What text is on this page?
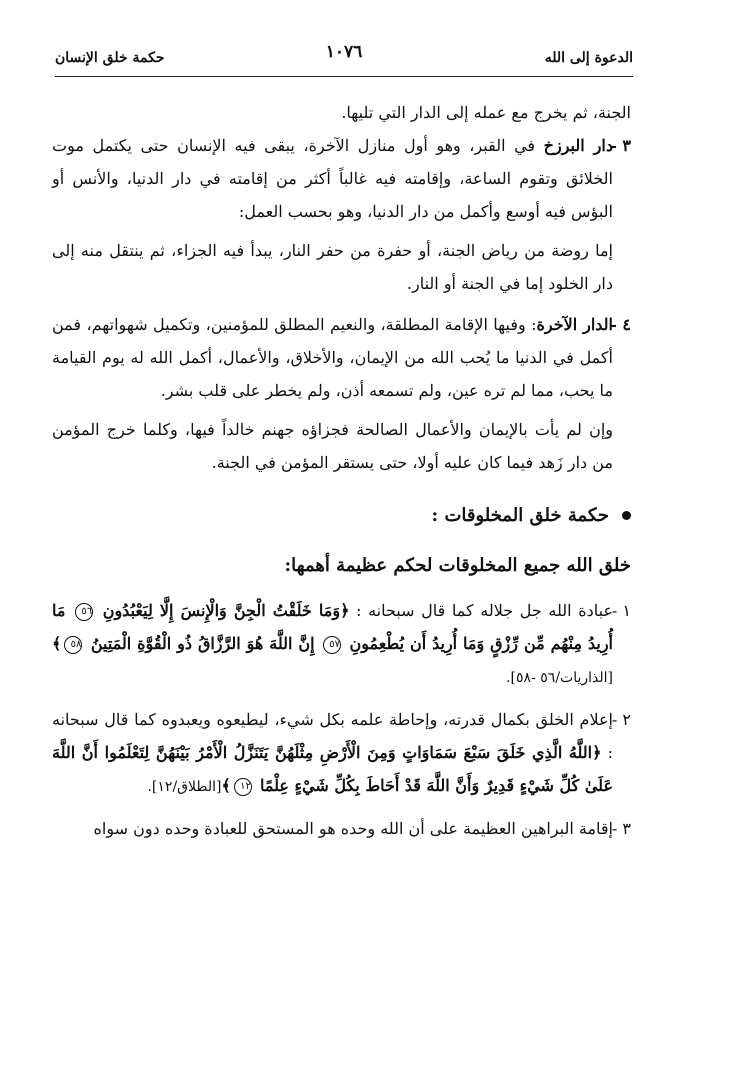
الدعوة إلى الله
١٠٧٦
حكمة خلق الإنسان

الجنة، ثم يخرج مع عمله إلى الدار التي تليها.

٣ -

دار البرزخ في القبر، وهو أول منازل الآخرة، يبقى فيه الإنسان حتى يكتمل موت الخلائق وتقوم الساعة، وإقامته فيه غالباً أكثر من إقامته في دار الدنيا، والأنس أو البؤس فيه أوسع وأكمل من دار الدنيا، وهو بحسب العمل:

إما روضة من رياض الجنة، أو حفرة من حفر النار، يبدأ فيه الجزاء، ثم ينتقل منه إلى دار الخلود إما في الجنة أو النار.

٤ -

الدار الآخرة: وفيها الإقامة المطلقة، والنعيم المطلق للمؤمنين، وتكميل شهواتهم، فمن أكمل في الدنيا ما يُحب الله من الإيمان، والأخلاق، والأعمال، أكمل الله له يوم القيامة ما يحب، مما لم تره عين، ولم تسمعه أذن، ولم يخطر على قلب بشر.

وإن لم يأت بالإيمان والأعمال الصالحة فجزاؤه جهنم خالداً فيها، وكلما خرج المؤمن من دار زَهد فيما كان عليه أولا، حتى يستقر المؤمن في الجنة.

حكمة خلق المخلوقات :
خلق الله جميع المخلوقات لحكم عظيمة أهمها:
١ -

عبادة الله جل جلاله كما قال سبحانه : ﴿وَمَا خَلَقْتُ الْجِنَّ وَالْإِنسَ إِلَّا لِيَعْبُدُونِ ٥٦ مَا أُرِيدُ مِنْهُم مِّن رِّزْقٍ وَمَا أُرِيدُ أَن يُطْعِمُونِ ٥٧ إِنَّ اللَّهَ هُوَ الرَّزَّاقُ ذُو الْقُوَّةِ الْمَتِينُ ٥٨﴾[الذاريات/٥٦ -٥٨].

٢ -

إعلام الخلق بكمال قدرته، وإحاطة علمه بكل شيء، ليطيعوه ويعبدوه كما قال سبحانه : ﴿اللَّهُ الَّذِي خَلَقَ سَبْعَ سَمَاوَاتٍ وَمِنَ الْأَرْضِ مِثْلَهُنَّ يَتَنَزَّلُ الْأَمْرُ بَيْنَهُنَّ لِتَعْلَمُوا أَنَّ اللَّهَ عَلَىٰ كُلِّ شَيْءٍ قَدِيرٌ وَأَنَّ اللَّهَ قَدْ أَحَاطَ بِكُلِّ شَيْءٍ عِلْمًا ١٢﴾[الطلاق/١٢].

٣ -

إقامة البراهين العظيمة على أن الله وحده هو المستحق للعبادة وحده دون سواه
